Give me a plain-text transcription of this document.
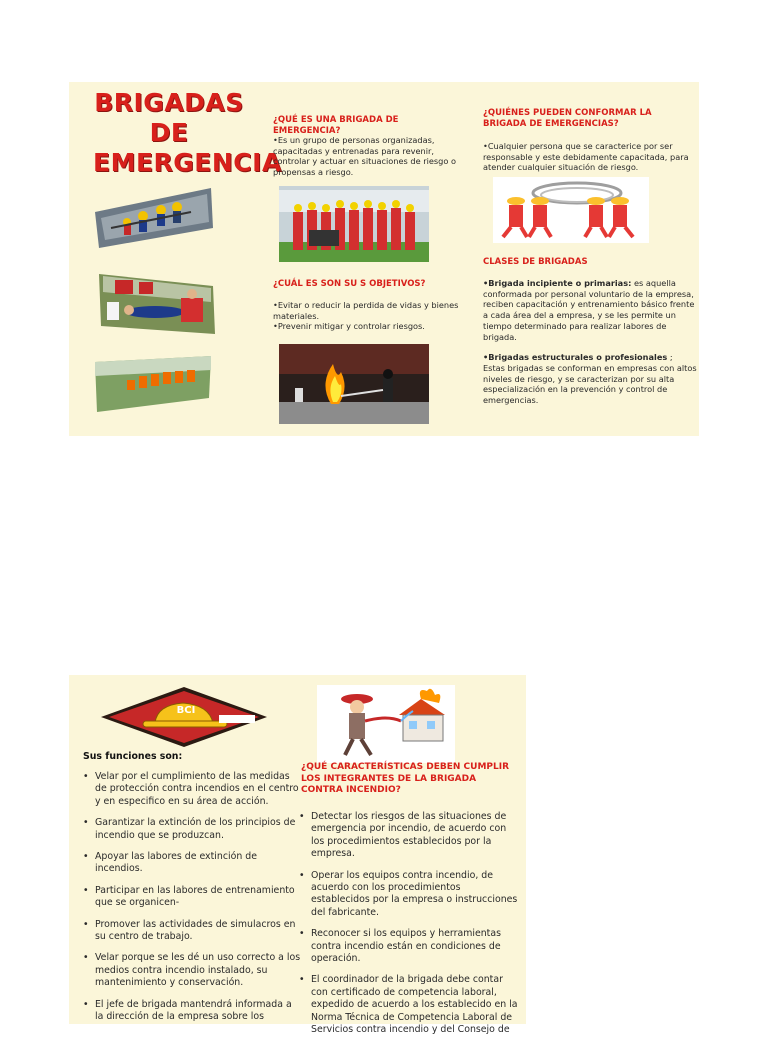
BRIGADAS
DE
EMERGENCIA
¿QUÉ ES UNA BRIGADA DE EMERGENCIA?
•Es un grupo de personas organizadas, capacitadas y entrenadas para revenir, controlar y actuar en situaciones de riesgo o propensas a riesgo.
¿CUÁL ES SON SU S OBJETIVOS?

•Evitar o reducir la perdida de vidas y bienes materiales.

•Prevenir mitigar y controlar riesgos.

¿QUIÉNES PUEDEN CONFORMAR LA BRIGADA DE EMERGENCIAS?
•Cualquier persona que se caracterice por ser responsable y este debidamente capacitada, para atender cualquier situación de riesgo.
CLASES DE BRIGADAS

•Brigada incipiente o primarias: es aquella conformada por personal voluntario de la empresa, reciben capacitación y entrenamiento básico frente a cada área del a empresa, y se les permite un tiempo determinado para realizar labores de brigada.

•Brigadas estructurales o profesionales ; Estas brigadas se conforman en empresas con altos niveles de riesgo, y se caracterizan por su alta especialización en la prevención y control de emergencias.

BCI
Sus funciones son:
• Velar por el cumplimiento de las medidas de protección contra incendios en el centro y en especifico en su área de acción.
• Garantizar la extinción de los principios de incendio que se produzcan.
• Apoyar las labores de extinción de incendios.
• Participar en las labores de entrenamiento que se organicen-
• Promover las actividades de simulacros en su centro de trabajo.
• Velar porque se les dé un uso correcto a los medios contra incendio instalado, su mantenimiento y conservación.
• El jefe de brigada mantendrá informada a la dirección de la empresa sobre los
¿QUÉ CARACTERÍSTICAS DEBEN CUMPLIR LOS INTEGRANTES DE LA BRIGADA CONTRA INCENDIO?
• Detectar los riesgos de las situaciones de emergencia por incendio, de acuerdo con los procedimientos establecidos por la empresa.
• Operar los equipos contra incendio, de acuerdo con los procedimientos establecidos por la empresa o instrucciones del fabricante.
• Reconocer si los equipos y herramientas contra incendio están en condiciones de operación.
• El coordinador de la brigada debe contar con certificado de competencia laboral, expedido de acuerdo a los establecido en la Norma Técnica de Competencia Laboral de Servicios contra incendio y del Consejo de
